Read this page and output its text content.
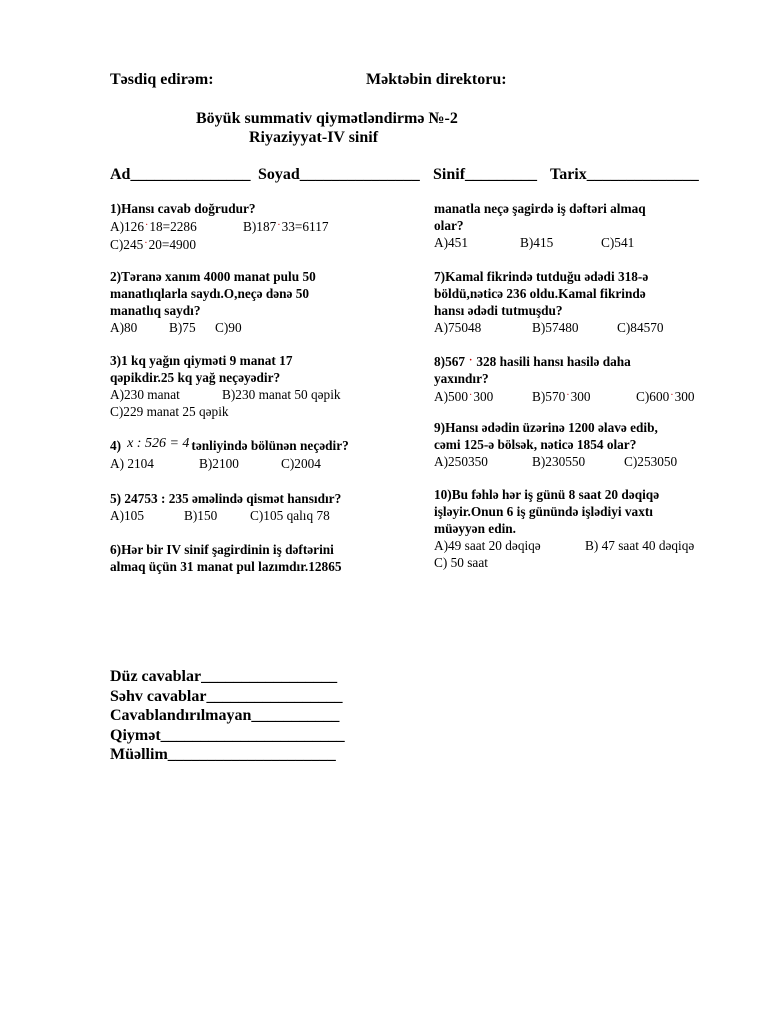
Təsdiq edirəm:	Məktəbin direktoru:
Böyük summativ qiymətləndirmə №-2
Riyaziyyat-IV sinif
Ad_______________ Soyad_______________ Sinif_________ Tarix______________
1)Hansı cavab doğrudur?
A)126·18=2286	B)187·33=6117
C)245·20=4900
2)Təranə xanım 4000 manat pulu 50
manatlıqlarla saydı.O,neçə dənə 50
manatlıq saydı?
A)80 B)75 C)90
3)1 kq yağın qiyməti 9 manat 17
qəpikdir.25 kq yağ neçəyədir?
A)230 manat	B)230 manat 50 qəpik
C)229 manat 25 qəpik
4) x : 526 = 4 tənliyində bölünən neçədir?
A) 2104	B)2100	C)2004
5) 24753 : 235 əməlində qismət hansıdır?
A)105	B)150 C)105 qalıq 78
6)Hər bir IV sinif şagirdinin iş dəftərini
almaq üçün 31 manat pul lazımdır.12865
manatla neçə şagirdə iş dəftəri almaq
olar?
A)451	B)415	C)541
7)Kamal fikrində tutduğu ədədi 318-ə
böldü,nəticə 236 oldu.Kamal fikrində
hansı ədədi tutmuşdu?
A)75048	B)57480	C)84570
8)567 · 328 hasili hansı hasilə daha
yaxındır?
A)500·300	B)570·300	C)600·300
9)Hansı ədədin üzərinə 1200 əlavə edib,
cəmi 125-ə bölsək, nəticə 1854 olar?
A)250350	B)230550	C)253050
10)Bu fəhlə hər iş günü 8 saat 20 dəqiqə
işləyir.Onun 6 iş günündə işlədiyi vaxtı
müəyyən edin.
A)49 saat 20 dəqiqə	B) 47 saat 40 dəqiqə
C) 50 saat
Düz cavablar_________________
Səhv cavablar_________________
Cavablandırılmayan___________
Qiymət_______________________
Müəllim_____________________
